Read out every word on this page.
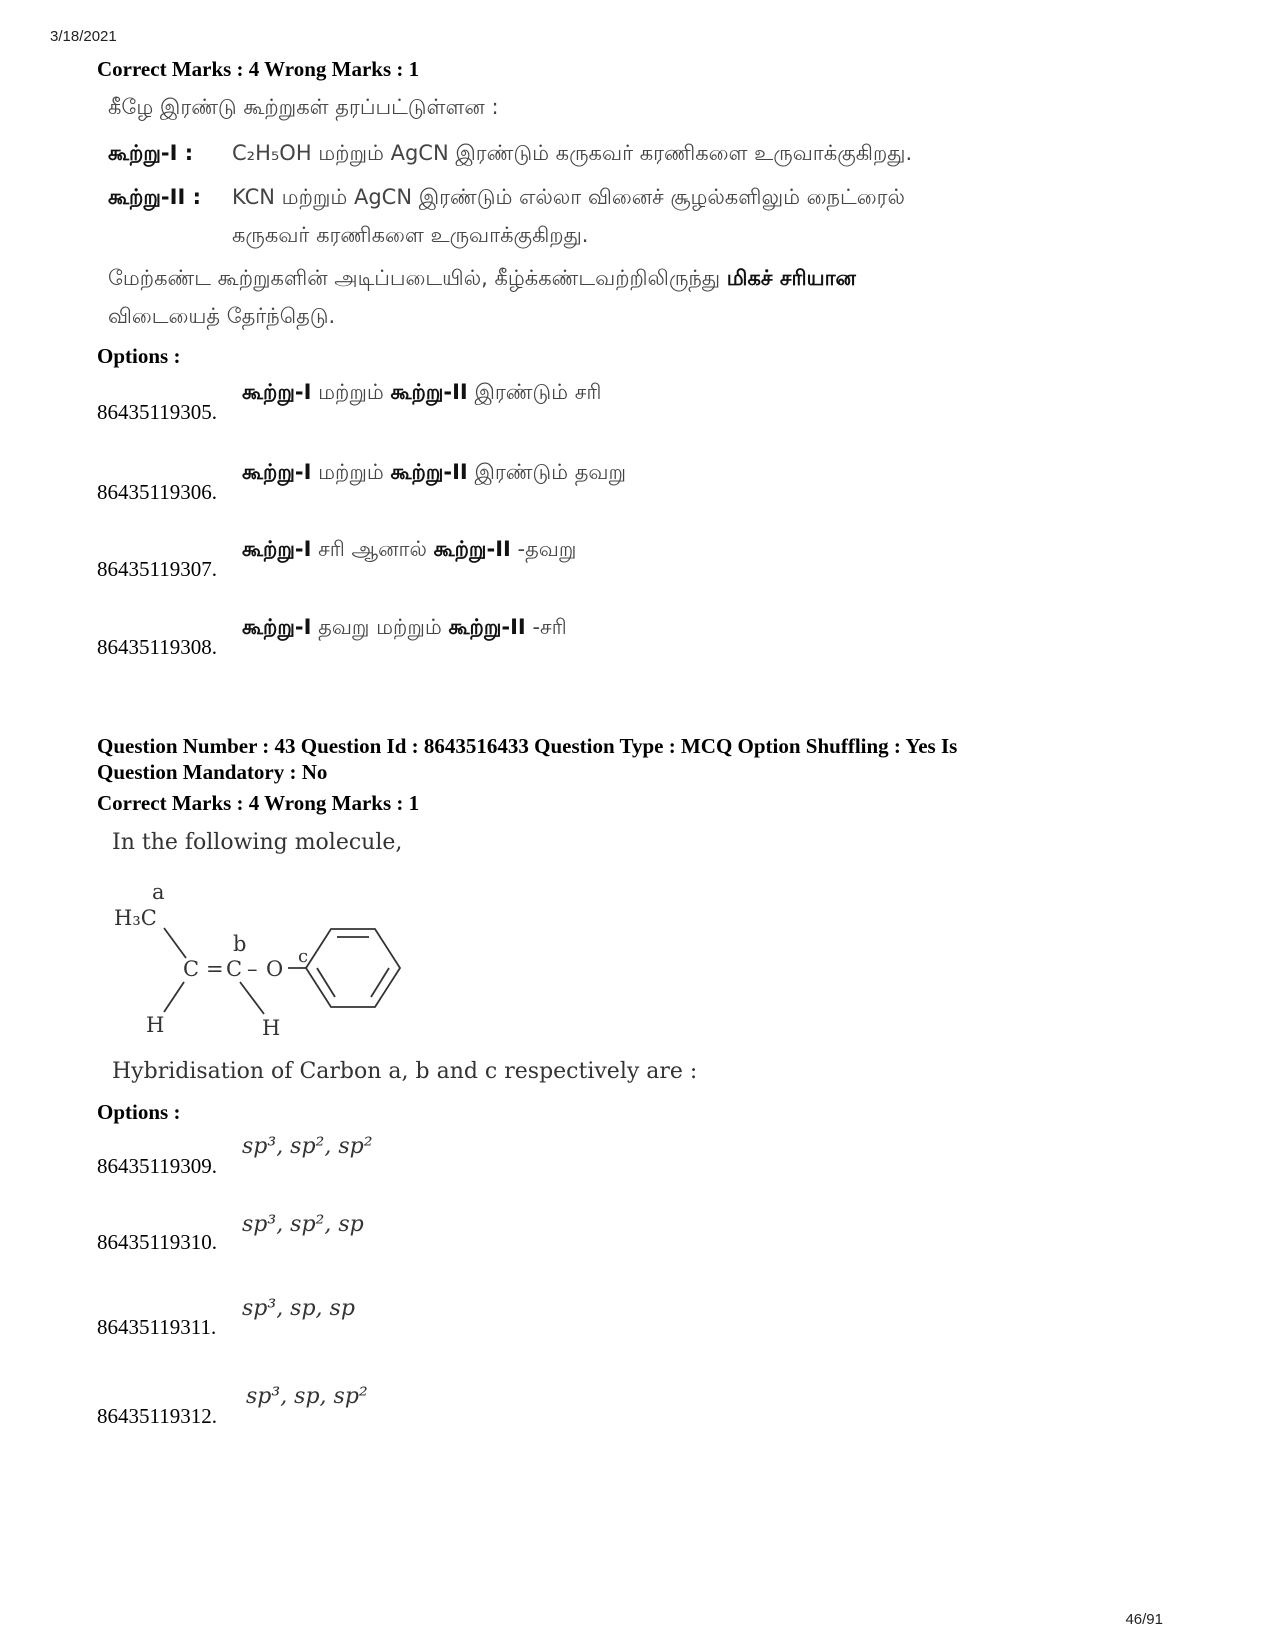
3/18/2021
Correct Marks : 4 Wrong Marks : 1
கீழே இரண்டு கூற்றுகள் தரப்பட்டுள்ளன :
கூற்று-I :	C₂H₅OH மற்றும் AgCN இரண்டும் கருகவர் கரணிகளை உருவாக்குகிறது.
கூற்று-II :	KCN மற்றும் AgCN இரண்டும் எல்லா வினைச் சூழல்களிலும் நைட்ரைல்
கருகவர் கரணிகளை உருவாக்குகிறது.
மேற்கண்ட கூற்றுகளின் அடிப்படையில், கீழ்க்கண்டவற்றிலிருந்து மிகச் சரியான
விடையைத் தேர்ந்தெடு.
Options :
86435119305.
கூற்று-I மற்றும் கூற்று-II இரண்டும் சரி
86435119306.
கூற்று-I மற்றும் கூற்று-II இரண்டும் தவறு
86435119307.
கூற்று-I சரி ஆனால் கூற்று-II -தவறு
86435119308.
கூற்று-I தவறு மற்றும் கூற்று-II -சரி
Question Number : 43 Question Id : 8643516433 Question Type : MCQ Option Shuffling : Yes Is
Question Mandatory : No
Correct Marks : 4 Wrong Marks : 1
In the following molecule,
a
H₃C
b
C = C – O
c
H	H
Hybridisation of Carbon a, b and c respectively are :
Options :
86435119309.
sp³, sp², sp²
86435119310.
sp³, sp², sp
86435119311.
sp³, sp, sp
86435119312.
sp³, sp, sp²
46/91
